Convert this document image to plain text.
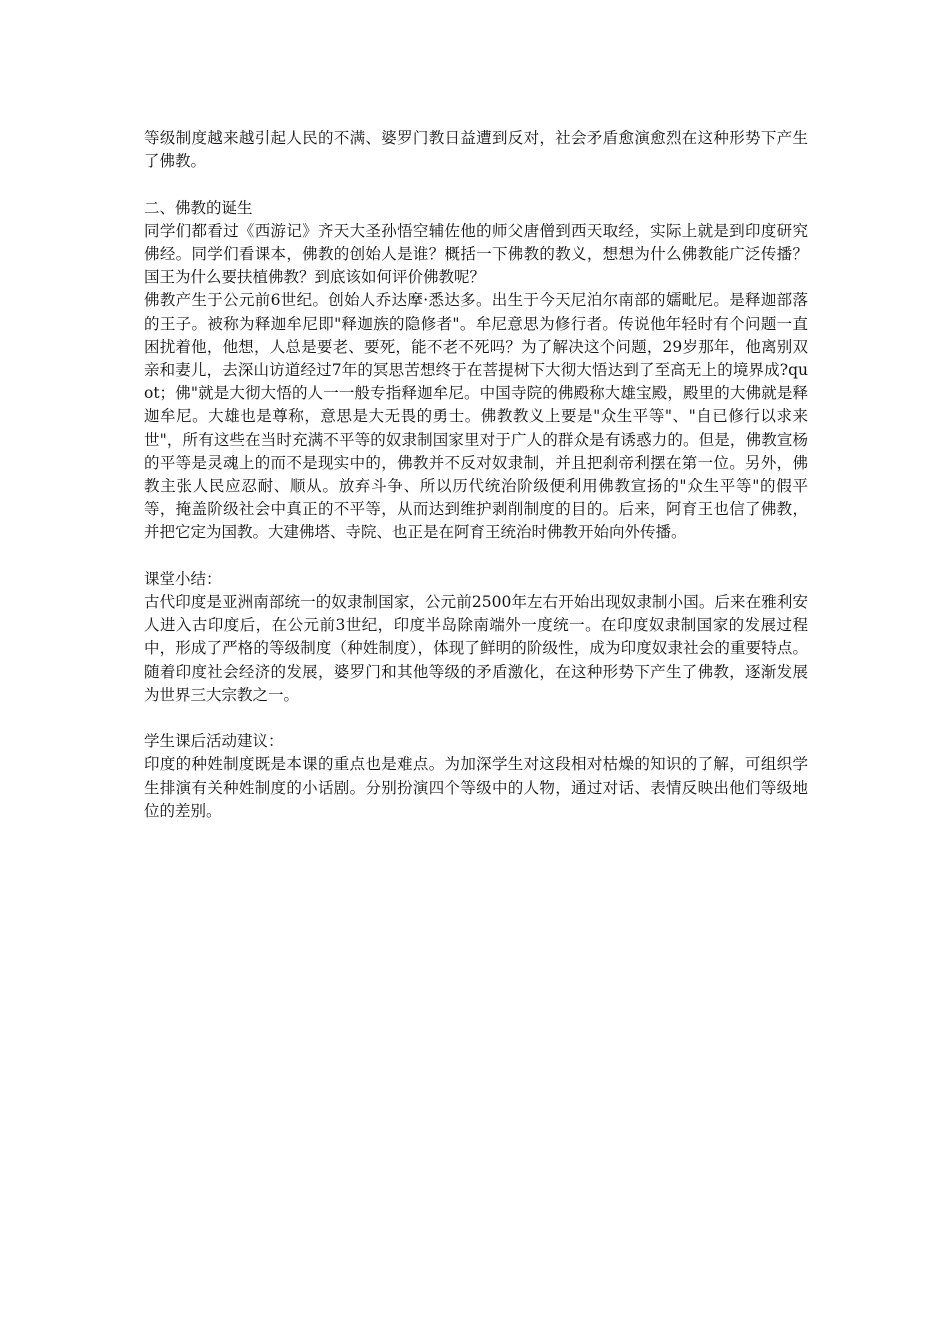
等级制度越来越引起人民的不满、婆罗门教日益遭到反对，社会矛盾愈演愈烈在这种形势下产生了佛教。

二、佛教的诞生

同学们都看过《西游记》齐天大圣孙悟空辅佐他的师父唐僧到西天取经，实际上就是到印度研究佛经。同学们看课本，佛教的创始人是谁？概括一下佛教的教义，想想为什么佛教能广泛传播？国王为什么要扶植佛教？到底该如何评价佛教呢？

佛教产生于公元前6世纪。创始人乔达摩·悉达多。出生于今天尼泊尔南部的嬬毗尼。是释迦部落的王子。被称为释迦牟尼即"释迦族的隐修者"。牟尼意思为修行者。传说他年轻时有个问题一直困扰着他，他想，人总是要老、要死，能不老不死吗？为了解决这个问题，29岁那年，他离别双亲和妻儿，去深山访道经过7年的冥思苦想终于在菩提树下大彻大悟达到了至高无上的境界成?quot；佛"就是大彻大悟的人一一般专指释迦牟尼。中国寺院的佛殿称大雄宝殿，殿里的大佛就是释迦牟尼。大雄也是尊称，意思是大无畏的勇士。佛教教义上要是"众生平等"、"自已修行以求来世"，所有这些在当时充满不平等的奴隶制国家里对于广人的群众是有诱惑力的。但是，佛教宣杨的平等是灵魂上的而不是现实中的，佛教并不反对奴隶制，并且把刹帝利摆在第一位。另外，佛教主张人民应忍耐、顺从。放弃斗争、所以历代统治阶级便利用佛教宣扬的"众生平等"的假平等，掩盖阶级社会中真正的不平等，从而达到维护剥削制度的目的。后来，阿育王也信了佛教，并把它定为国教。大建佛塔、寺院、也正是在阿育王统治时佛教开始向外传播。

课堂小结：

古代印度是亚洲南部统一的奴隶制国家，公元前2500年左右开始出现奴隶制小国。后来在雅利安人进入古印度后，在公元前3世纪，印度半岛除南端外一度统一。在印度奴隶制国家的发展过程中，形成了严格的等级制度（种姓制度），体现了鲜明的阶级性，成为印度奴隶社会的重要特点。随着印度社会经济的发展，婆罗门和其他等级的矛盾激化，在这种形势下产生了佛教，逐渐发展为世界三大宗教之一。

学生课后活动建议：

印度的种姓制度既是本课的重点也是难点。为加深学生对这段相对枯燥的知识的了解，可组织学生排演有关种姓制度的小话剧。分别扮演四个等级中的人物，通过对话、表情反映出他们等级地位的差别。
